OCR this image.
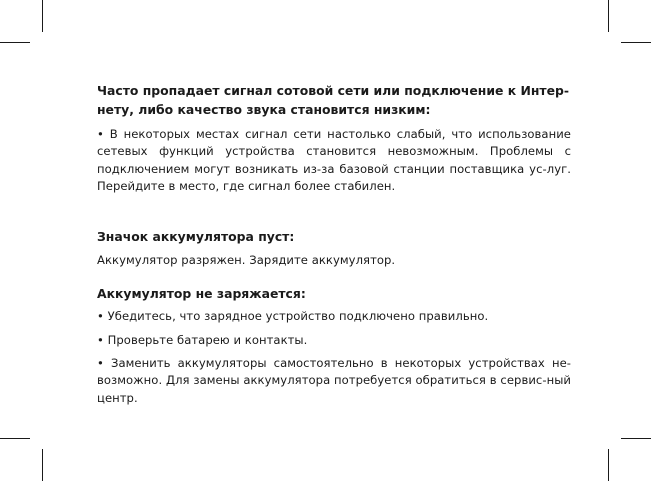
Часто пропадает сигнал сотовой сети или подключение к Интер-нету, либо качество звука становится низким:

• В некоторых местах сигнал сети настолько слабый, что использование сетевых функций устройства становится невозможным. Проблемы с подключением могут возникать из-за базовой станции поставщика ус-луг. Перейдите в место, где сигнал более стабилен.

Значок аккумулятора пуст:

Аккумулятор разряжен. Зарядите аккумулятор.

Аккумулятор не заряжается:

• Убедитесь, что зарядное устройство подключено правильно.

• Проверьте батарею и контакты.

• Заменить аккумуляторы самостоятельно в некоторых устройствах не-возможно. Для замены аккумулятора потребуется обратиться в сервис-ный центр.
